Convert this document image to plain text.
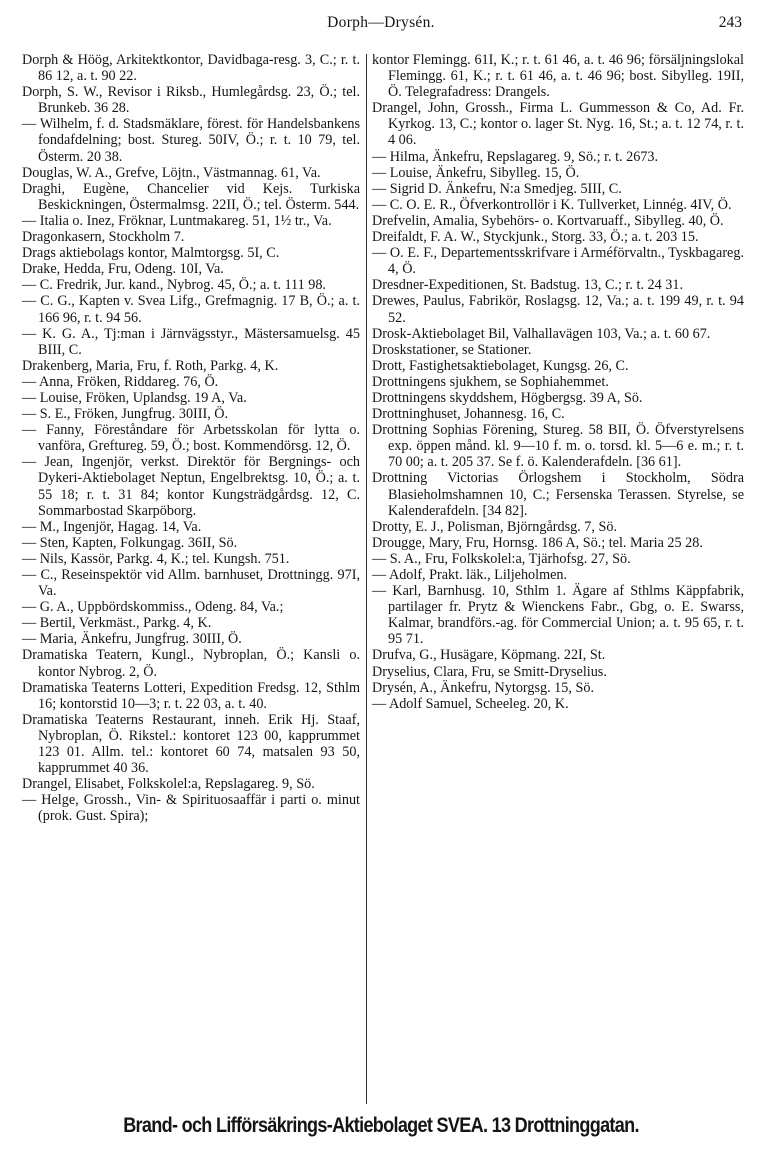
Dorph—Drysén.	243

Dorph & Höög, Arkitektkontor, Davidbaga-resg. 3, C.; r. t. 86 12, a. t. 90 22.

Dorph, S. W., Revisor i Riksb., Humlegårdsg. 23, Ö.; tel. Brunkeb. 36 28.

— Wilhelm, f. d. Stadsmäklare, förest. för Handelsbankens fondafdelning; bost. Stureg. 50IV, Ö.; r. t. 10 79, tel. Österm. 20 38.

Douglas, W. A., Grefve, Löjtn., Västmannag. 61, Va.

Draghi, Eugène, Chancelier vid Kejs. Turkiska Beskickningen, Östermalmsg. 22II, Ö.; tel. Österm. 544.

— Italia o. Inez, Fröknar, Luntmakareg. 51, 1½ tr., Va.

Dragonkasern, Stockholm 7.

Drags aktiebolags kontor, Malmtorgsg. 5I, C.

Drake, Hedda, Fru, Odeng. 10I, Va.

— C. Fredrik, Jur. kand., Nybrog. 45, Ö.; a. t. 111 98.

— C. G., Kapten v. Svea Lifg., Grefmagnig. 17 B, Ö.; a. t. 166 96, r. t. 94 56.

— K. G. A., Tj:man i Järnvägsstyr., Mästersamuelsg. 45 BIII, C.

Drakenberg, Maria, Fru, f. Roth, Parkg. 4, K.

— Anna, Fröken, Riddareg. 76, Ö.

— Louise, Fröken, Uplandsg. 19 A, Va.

— S. E., Fröken, Jungfrug. 30III, Ö.

— Fanny, Föreståndare för Arbetsskolan för lytta o. vanföra, Greftureg. 59, Ö.; bost. Kommendörsg. 12, Ö.

— Jean, Ingenjör, verkst. Direktör för Bergnings- och Dykeri-Aktiebolaget Neptun, Engelbrektsg. 10, Ö.; a. t. 55 18; r. t. 31 84; kontor Kungsträdgårdsg. 12, C. Sommarbostad Skarpöborg.

— M., Ingenjör, Hagag. 14, Va.

— Sten, Kapten, Folkungag. 36II, Sö.

— Nils, Kassör, Parkg. 4, K.; tel. Kungsh. 751.

— C., Reseinspektör vid Allm. barnhuset, Drottningg. 97I, Va.

— G. A., Uppbördskommiss., Odeng. 84, Va.;

— Bertil, Verkmäst., Parkg. 4, K.

— Maria, Änkefru, Jungfrug. 30III, Ö.

Dramatiska Teatern, Kungl., Nybroplan, Ö.; Kansli o. kontor Nybrog. 2, Ö.

Dramatiska Teaterns Lotteri, Expedition Fredsg. 12, Sthlm 16; kontorstid 10—3; r. t. 22 03, a. t. 40.

Dramatiska Teaterns Restaurant, inneh. Erik Hj. Staaf, Nybroplan, Ö. Rikstel.: kontoret 123 00, kapprummet 123 01. Allm. tel.: kontoret 60 74, matsalen 93 50, kapprummet 40 36.

Drangel, Elisabet, Folkskolel:a, Repslagareg. 9, Sö.

— Helge, Grossh., Vin- & Spirituosaaffär i parti o. minut (prok. Gust. Spira);

kontor Flemingg. 61I, K.; r. t. 61 46, a. t. 46 96; försäljningslokal Flemingg. 61, K.; r. t. 61 46, a. t. 46 96; bost. Sibylleg. 19II, Ö. Telegrafadress: Drangels.

Drangel, John, Grossh., Firma L. Gummesson & Co, Ad. Fr. Kyrkog. 13, C.; kontor o. lager St. Nyg. 16, St.; a. t. 12 74, r. t. 4 06.

— Hilma, Änkefru, Repslagareg. 9, Sö.; r. t. 2673.

— Louise, Änkefru, Sibylleg. 15, Ö.

— Sigrid D. Änkefru, N:a Smedjeg. 5III, C.

— C. O. E. R., Öfverkontrollör i K. Tullverket, Linnég. 4IV, Ö.

Drefvelin, Amalia, Sybehörs- o. Kortvaruaff., Sibylleg. 40, Ö.

Dreifaldt, F. A. W., Styckjunk., Storg. 33, Ö.; a. t. 203 15.

— O. E. F., Departementsskrifvare i Arméförvaltn., Tyskbagareg. 4, Ö.

Dresdner-Expeditionen, St. Badstug. 13, C.; r. t. 24 31.

Drewes, Paulus, Fabrikör, Roslagsg. 12, Va.; a. t. 199 49, r. t. 94 52.

Drosk-Aktiebolaget Bil, Valhallavägen 103, Va.; a. t. 60 67.

Droskstationer, se Stationer.

Drott, Fastighetsaktiebolaget, Kungsg. 26, C.

Drottningens sjukhem, se Sophiahemmet.

Drottningens skyddshem, Högbergsg. 39 A, Sö.

Drottninghuset, Johannesg. 16, C.

Drottning Sophias Förening, Stureg. 58 BII, Ö. Öfverstyrelsens exp. öppen månd. kl. 9—10 f. m. o. torsd. kl. 5—6 e. m.; r. t. 70 00; a. t. 205 37. Se f. ö. Kalenderafdeln. [36 61].

Drottning Victorias Örlogshem i Stockholm, Södra Blasieholmshamnen 10, C.; Fersenska Terassen. Styrelse, se Kalenderafdeln. [34 82].

Drotty, E. J., Polisman, Björngårdsg. 7, Sö.

Drougge, Mary, Fru, Hornsg. 186 A, Sö.; tel. Maria 25 28.

— S. A., Fru, Folkskolel:a, Tjärhofsg. 27, Sö.

— Adolf, Prakt. läk., Liljeholmen.

— Karl, Barnhusg. 10, Sthlm 1. Ägare af Sthlms Käppfabrik, partilager fr. Prytz & Wienckens Fabr., Gbg, o. E. Swarss, Kalmar, brandförs.-ag. för Commercial Union; a. t. 95 65, r. t. 95 71.

Drufva, G., Husägare, Köpmang. 22I, St.

Dryselius, Clara, Fru, se Smitt-Dryselius.

Drysén, A., Änkefru, Nytorgsg. 15, Sö.

— Adolf Samuel, Scheeleg. 20, K.

Brand- och Lifförsäkrings-Aktiebolaget SVEA. 13 Drottninggatan.
